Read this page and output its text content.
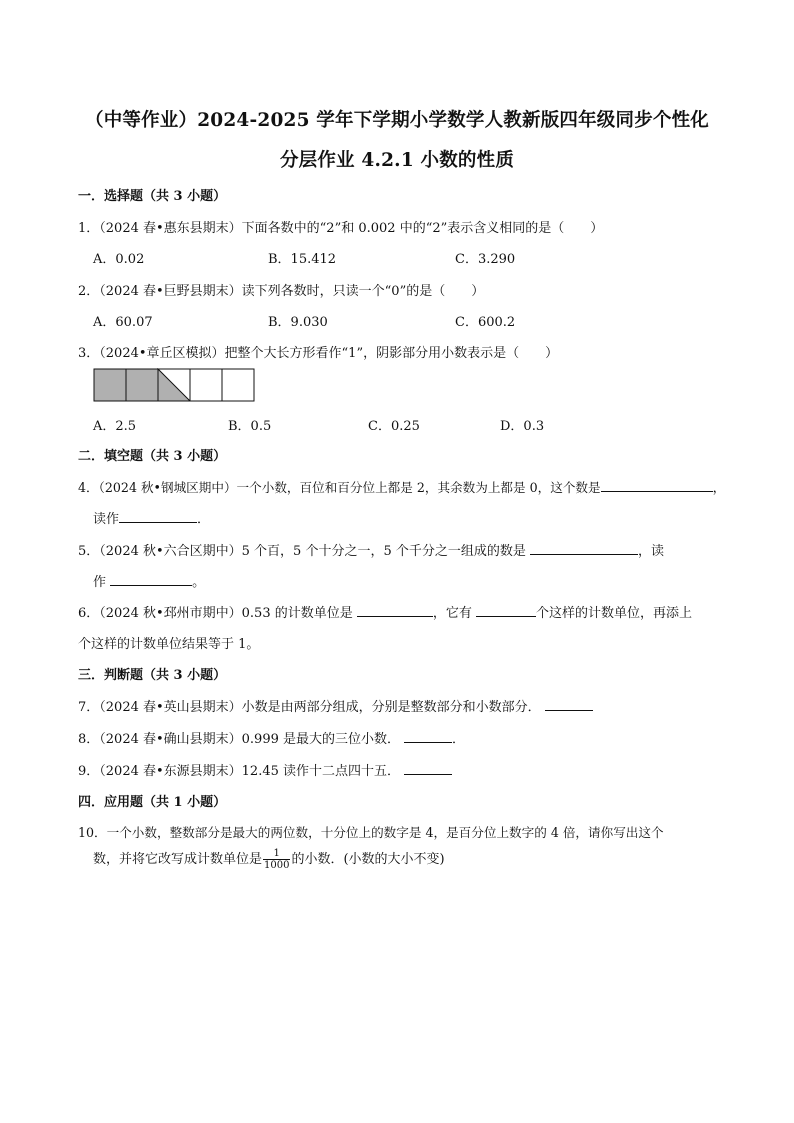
（中等作业）2024-2025 学年下学期小学数学人教新版四年级同步个性化
分层作业 4.2.1 小数的性质
一．选择题（共 3 小题）
1．（2024 春•惠东县期末）下面各数中的“2”和 0.002 中的“2”表示含义相同的是（　　）
A．0.02	B．15.412	C．3.290
2．（2024 春•巨野县期末）读下列各数时，只读一个“0”的是（　　）
A．60.07	B．9.030	C．600.2
3．（2024•章丘区模拟）把整个大长方形看作“1”，阴影部分用小数表示是（　　）
A．2.5	B．0.5	C．0.25	D．0.3
二．填空题（共 3 小题）
4．（2024 秋•钢城区期中）一个小数，百位和百分位上都是 2，其余数为上都是 0，这个数是	，
读作	．
5．（2024 秋•六合区期中）5 个百，5 个十分之一，5 个千分之一组成的数是	，读
作	。
6．（2024 秋•邳州市期中）0.53 的计数单位是	，它有	个这样的计数单位，再添上
个这样的计数单位结果等于 1。
三．判断题（共 3 小题）
7．（2024 春•英山县期末）小数是由两部分组成，分别是整数部分和小数部分．
8．（2024 春•确山县期末）0.999 是最大的三位小数．	．
9．（2024 春•东源县期末）12.45 读作十二点四十五．
四．应用题（共 1 小题）
10．一个小数，整数部分是最大的两位数，十分位上的数字是 4，是百分位上数字的 4 倍，请你写出这个
数，并将它改写成计数单位是 $\frac{1}{1000}$ 的小数．(小数的大小不变)
